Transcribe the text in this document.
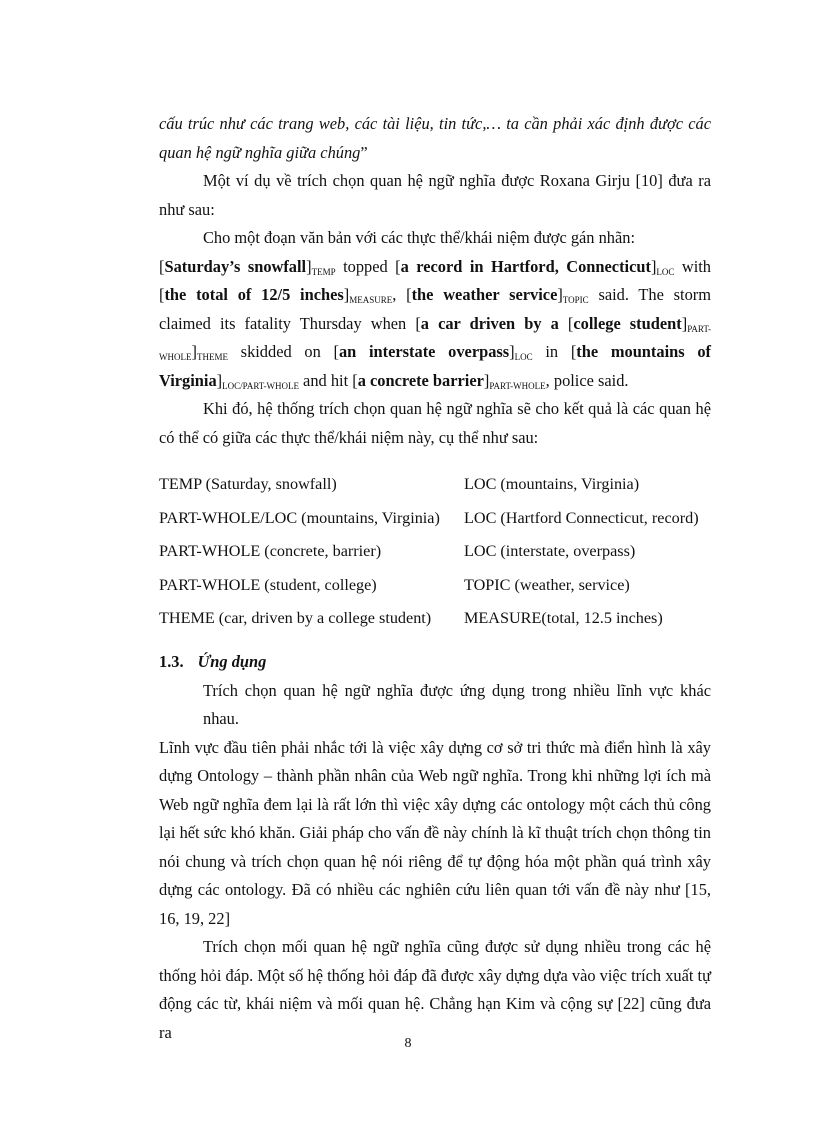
cấu trúc như các trang web, các tài liệu, tin tức,… ta cần phải xác định được các
quan hệ ngữ nghĩa giữa chúng”
Một ví dụ về trích chọn quan hệ ngữ nghĩa được Roxana Girju [10] đưa ra
như sau:
Cho một đoạn văn bản với các thực thể/khái niệm được gán nhãn:
[Saturday’s $snowfall]_{TEMP}$ topped [a record in Hartford, $Connecticut]_{LOC}$ with
[the total of 12/5 $inches]_{MEASURE}$, [the weather $service]_{TOPIC}$ said. The storm
claimed its fatality Thursday when [a car driven by a [college $student]_{PART-}$
$_{WHOLE}]_{THEME}$ skidded on [an interstate $overpass]_{LOC}$ in [the mountains of
$Virginia]_{LOC/PART-WHOLE}$ and hit [a concrete $barrier]_{PART-WHOLE}$, police said.
Khi đó, hệ thống trích chọn quan hệ ngữ nghĩa sẽ cho kết quả là các quan hệ
có thể có giữa các thực thể/khái niệm này, cụ thể như sau:
TEMP (Saturday, snowfall)	LOC (mountains, Virginia)
PART-WHOLE/LOC (mountains, Virginia)	LOC (Hartford Connecticut, record)
PART-WHOLE (concrete, barrier)	LOC (interstate, overpass)
PART-WHOLE (student, college)	TOPIC (weather, service)
THEME (car, driven by a college student)	MEASURE(total, 12.5 inches)
1.3. Ứng dụng
Trích chọn quan hệ ngữ nghĩa được ứng dụng trong nhiều lĩnh vực khác nhau.
Lĩnh vực đầu tiên phải nhắc tới là việc xây dựng cơ sở tri thức mà điển hình là xây
dựng Ontology – thành phần nhân của Web ngữ nghĩa. Trong khi những lợi ích mà
Web ngữ nghĩa đem lại là rất lớn thì việc xây dựng các ontology một cách thủ công
lại hết sức khó khăn. Giải pháp cho vấn đề này chính là kĩ thuật trích chọn thông tin
nói chung và trích chọn quan hệ nói riêng để tự động hóa một phần quá trình xây
dựng các ontology. Đã có nhiều các nghiên cứu liên quan tới vấn đề này như [15,
16, 19, 22]
Trích chọn mối quan hệ ngữ nghĩa cũng được sử dụng nhiều trong các hệ
thống hỏi đáp. Một số hệ thống hỏi đáp đã được xây dựng dựa vào việc trích xuất tự
động các từ, khái niệm và mối quan hệ. Chẳng hạn Kim và cộng sự [22] cũng đưa ra
8
